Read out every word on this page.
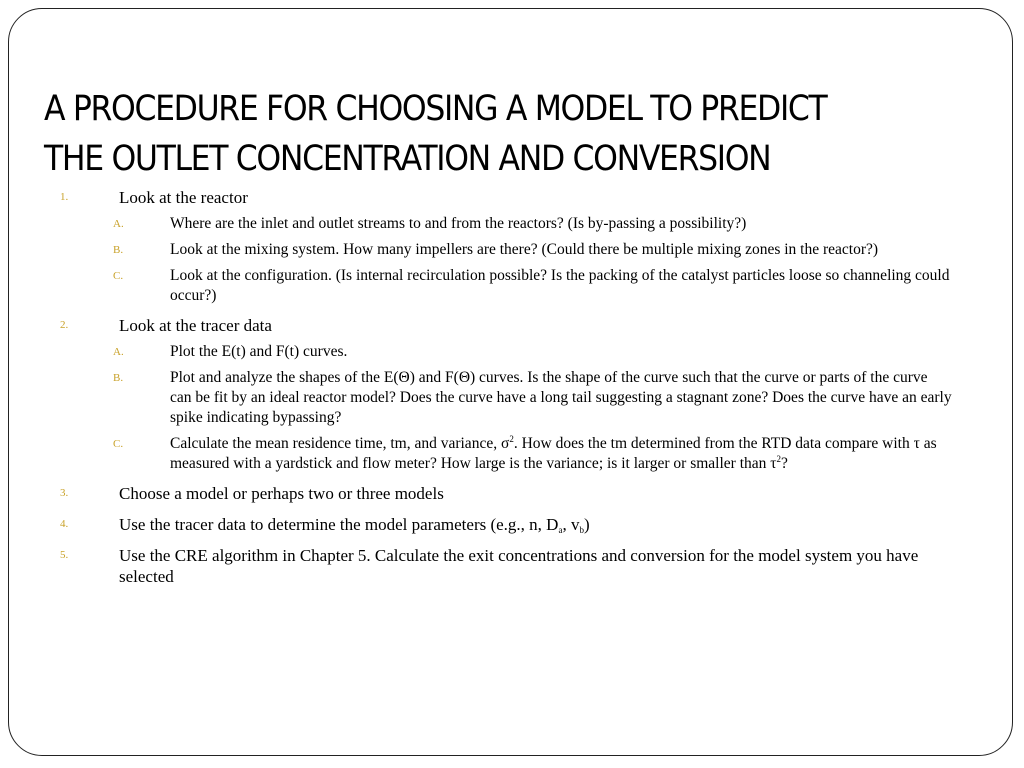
A PROCEDURE FOR CHOOSING A MODEL TO PREDICT
THE OUTLET CONCENTRATION AND CONVERSION
1.	Look at the reactor
A.	Where are the inlet and outlet streams to and from the reactors? (Is by-passing a possibility?)
B.	Look at the mixing system. How many impellers are there? (Could there be multiple mixing zones in the reactor?)
C.	Look at the configuration. (Is internal recirculation possible? Is the packing of the catalyst particles loose so channeling could occur?)
2.	Look at the tracer data
A.	Plot the E(t) and F(t) curves.
B.	Plot and analyze the shapes of the E(Θ) and F(Θ) curves. Is the shape of the curve such that the curve or parts of the curve can be fit by an ideal reactor model? Does the curve have a long tail suggesting a stagnant zone? Does the curve have an early spike indicating bypassing?
C.	Calculate the mean residence time, tm, and variance, $\sigma^2$. How does the tm determined from the RTD data compare with τ as measured with a yardstick and flow meter? How large is the variance; is it larger or smaller than $\tau^2$?
3.	Choose a model or perhaps two or three models
4.	Use the tracer data to determine the model parameters (e.g., n, $D_a$, $v_b$)
5.	Use the CRE algorithm in Chapter 5. Calculate the exit concentrations and conversion for the model system you have selected
